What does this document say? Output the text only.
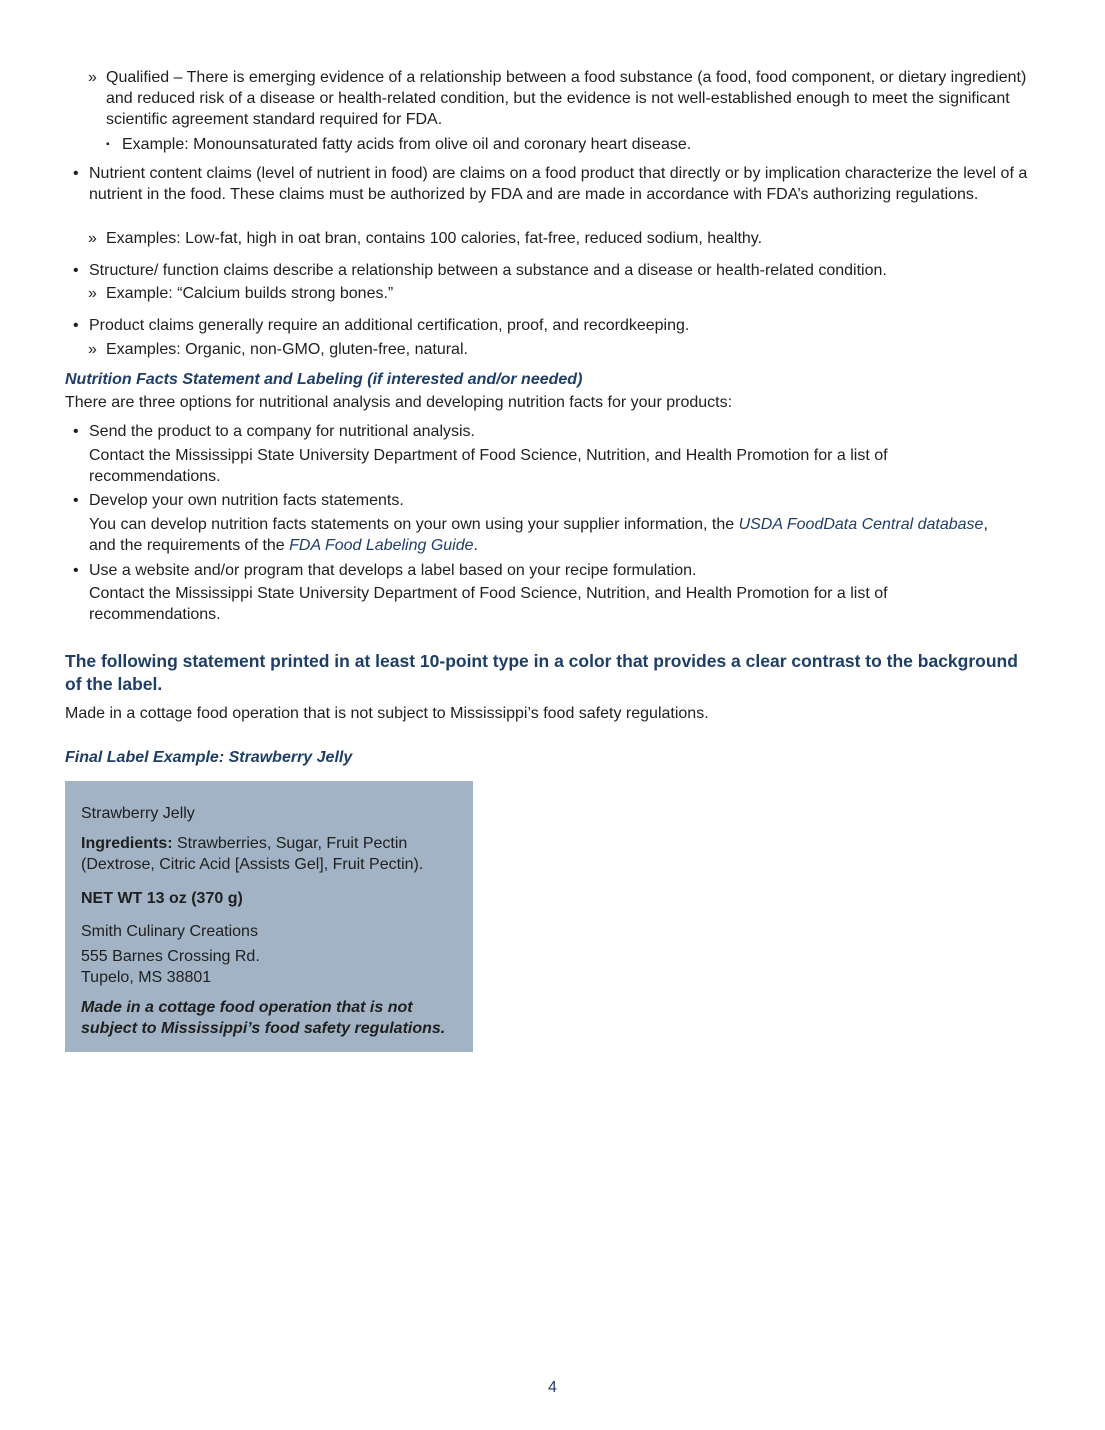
» Qualified – There is emerging evidence of a relationship between a food substance (a food, food component, or dietary ingredient) and reduced risk of a disease or health-related condition, but the evidence is not well-established enough to meet the significant scientific agreement standard required for FDA.
▪ Example: Monounsaturated fatty acids from olive oil and coronary heart disease.
• Nutrient content claims (level of nutrient in food) are claims on a food product that directly or by implication characterize the level of a nutrient in the food. These claims must be authorized by FDA and are made in accordance with FDA’s authorizing regulations.
» Examples: Low-fat, high in oat bran, contains 100 calories, fat-free, reduced sodium, healthy.
• Structure/ function claims describe a relationship between a substance and a disease or health-related condition.
» Example: “Calcium builds strong bones.”
• Product claims generally require an additional certification, proof, and recordkeeping.
» Examples: Organic, non-GMO, gluten-free, natural.
Nutrition Facts Statement and Labeling (if interested and/or needed)
There are three options for nutritional analysis and developing nutrition facts for your products:
• Send the product to a company for nutritional analysis.
Contact the Mississippi State University Department of Food Science, Nutrition, and Health Promotion for a list of recommendations.
• Develop your own nutrition facts statements.
You can develop nutrition facts statements on your own using your supplier information, the USDA FoodData Central database, and the requirements of the FDA Food Labeling Guide.
• Use a website and/or program that develops a label based on your recipe formulation.
Contact the Mississippi State University Department of Food Science, Nutrition, and Health Promotion for a list of recommendations.
The following statement printed in at least 10-point type in a color that provides a clear contrast to the background of the label.
Made in a cottage food operation that is not subject to Mississippi’s food safety regulations.
Final Label Example: Strawberry Jelly

Strawberry Jelly

Ingredients: Strawberries, Sugar, Fruit Pectin (Dextrose, Citric Acid [Assists Gel], Fruit Pectin).

NET WT 13 oz (370 g)

Smith Culinary Creations

555 Barnes Crossing Rd.

Tupelo, MS 38801

Made in a cottage food operation that is not subject to Mississippi’s food safety regulations.

4
